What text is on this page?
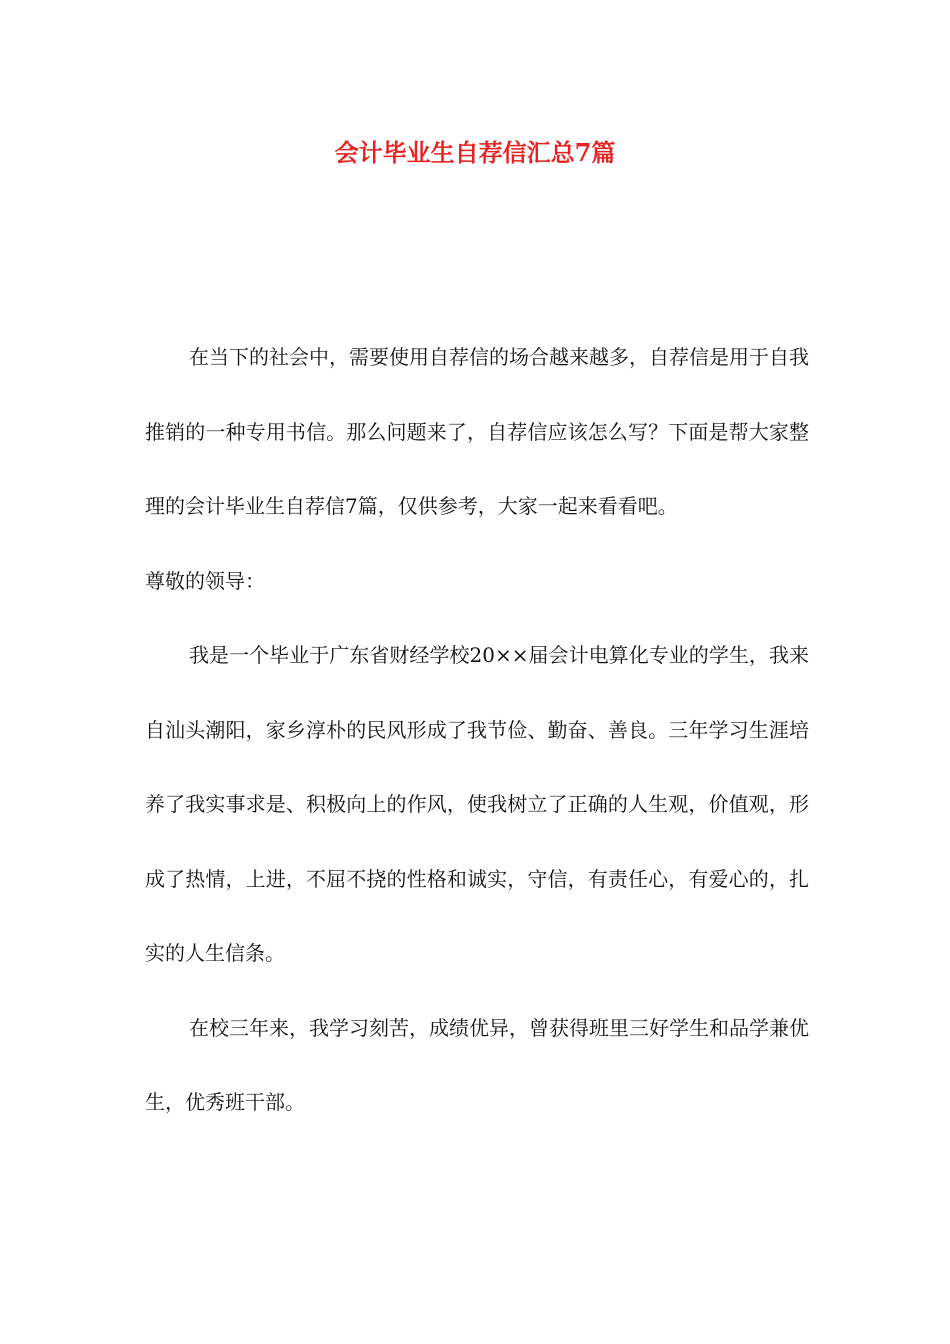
会计毕业生自荐信汇总7篇

在当下的社会中，需要使用自荐信的场合越来越多，自荐信是用于自我推销的一种专用书信。那么问题来了，自荐信应该怎么写？下面是帮大家整理的会计毕业生自荐信7篇，仅供参考，大家一起来看看吧。

尊敬的领导：

我是一个毕业于广东省财经学校20××届会计电算化专业的学生，我来自汕头潮阳，家乡淳朴的民风形成了我节俭、勤奋、善良。三年学习生涯培养了我实事求是、积极向上的作风，使我树立了正确的人生观，价值观，形成了热情，上进，不屈不挠的性格和诚实，守信，有责任心，有爱心的，扎实的人生信条。

在校三年来，我学习刻苦，成绩优异，曾获得班里三好学生和品学兼优生，优秀班干部。
